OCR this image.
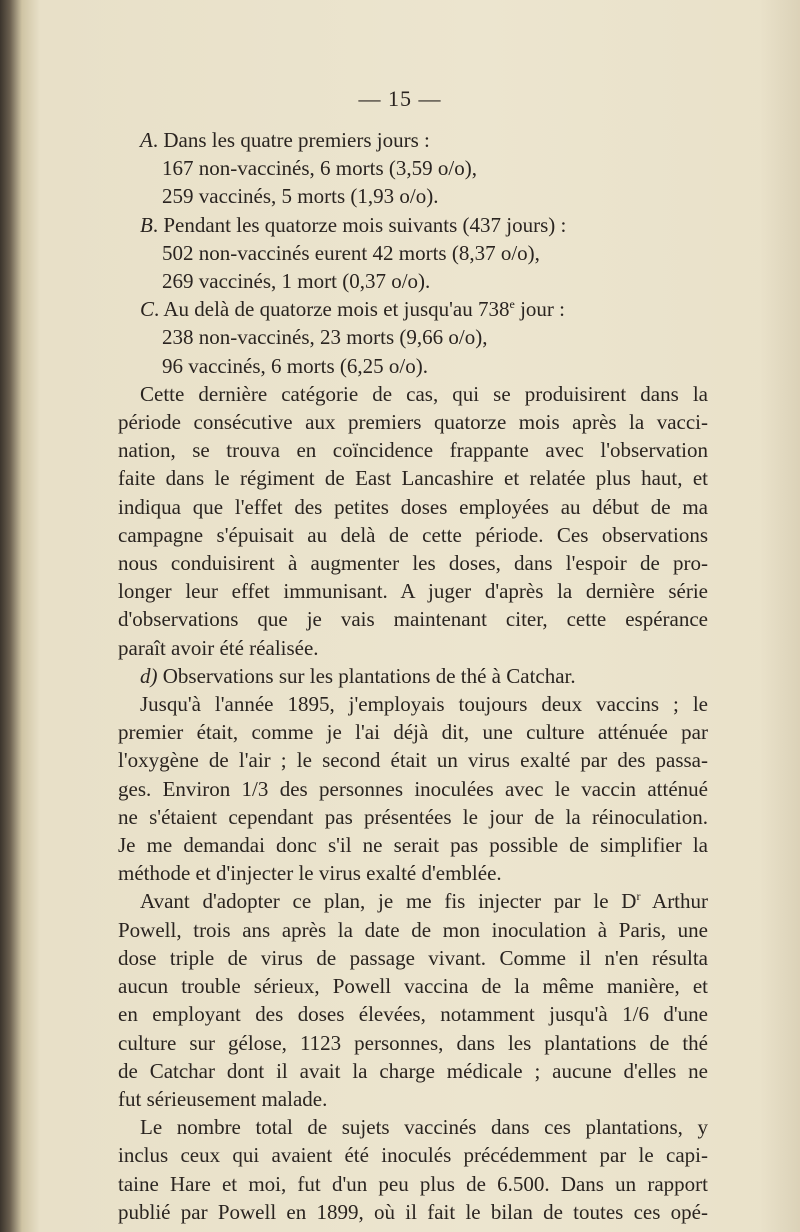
— 15 —
A. Dans les quatre premiers jours :
167 non-vaccinés, 6 morts (3,59 o/o),
259 vaccinés, 5 morts (1,93 o/o).
B. Pendant les quatorze mois suivants (437 jours) :
502 non-vaccinés eurent 42 morts (8,37 o/o),
269 vaccinés, 1 mort (0,37 o/o).
C. Au delà de quatorze mois et jusqu'au 738e jour :
238 non-vaccinés, 23 morts (9,66 o/o),
96 vaccinés, 6 morts (6,25 o/o).
Cette dernière catégorie de cas, qui se produisirent dans la
période consécutive aux premiers quatorze mois après la vacci-
nation, se trouva en coïncidence frappante avec l'observation
faite dans le régiment de East Lancashire et relatée plus haut, et
indiqua que l'effet des petites doses employées au début de ma
campagne s'épuisait au delà de cette période. Ces observations
nous conduisirent à augmenter les doses, dans l'espoir de pro-
longer leur effet immunisant. A juger d'après la dernière série
d'observations que je vais maintenant citer, cette espérance
paraît avoir été réalisée.
d) Observations sur les plantations de thé à Catchar.
Jusqu'à l'année 1895, j'employais toujours deux vaccins ; le
premier était, comme je l'ai déjà dit, une culture atténuée par
l'oxygène de l'air ; le second était un virus exalté par des passa-
ges. Environ 1/3 des personnes inoculées avec le vaccin atténué
ne s'étaient cependant pas présentées le jour de la réinoculation.
Je me demandai donc s'il ne serait pas possible de simplifier la
méthode et d'injecter le virus exalté d'emblée.
Avant d'adopter ce plan, je me fis injecter par le $D^r$ Arthur
Powell, trois ans après la date de mon inoculation à Paris, une
dose triple de virus de passage vivant. Comme il n'en résulta
aucun trouble sérieux, Powell vaccina de la même manière, et
en employant des doses élevées, notamment jusqu'à 1/6 d'une
culture sur gélose, 1123 personnes, dans les plantations de thé
de Catchar dont il avait la charge médicale ; aucune d'elles ne
fut sérieusement malade.
Le nombre total de sujets vaccinés dans ces plantations, y
inclus ceux qui avaient été inoculés précédemment par le capi-
taine Hare et moi, fut d'un peu plus de 6.500. Dans un rapport
publié par Powell en 1899, où il fait le bilan de toutes ces opé-
